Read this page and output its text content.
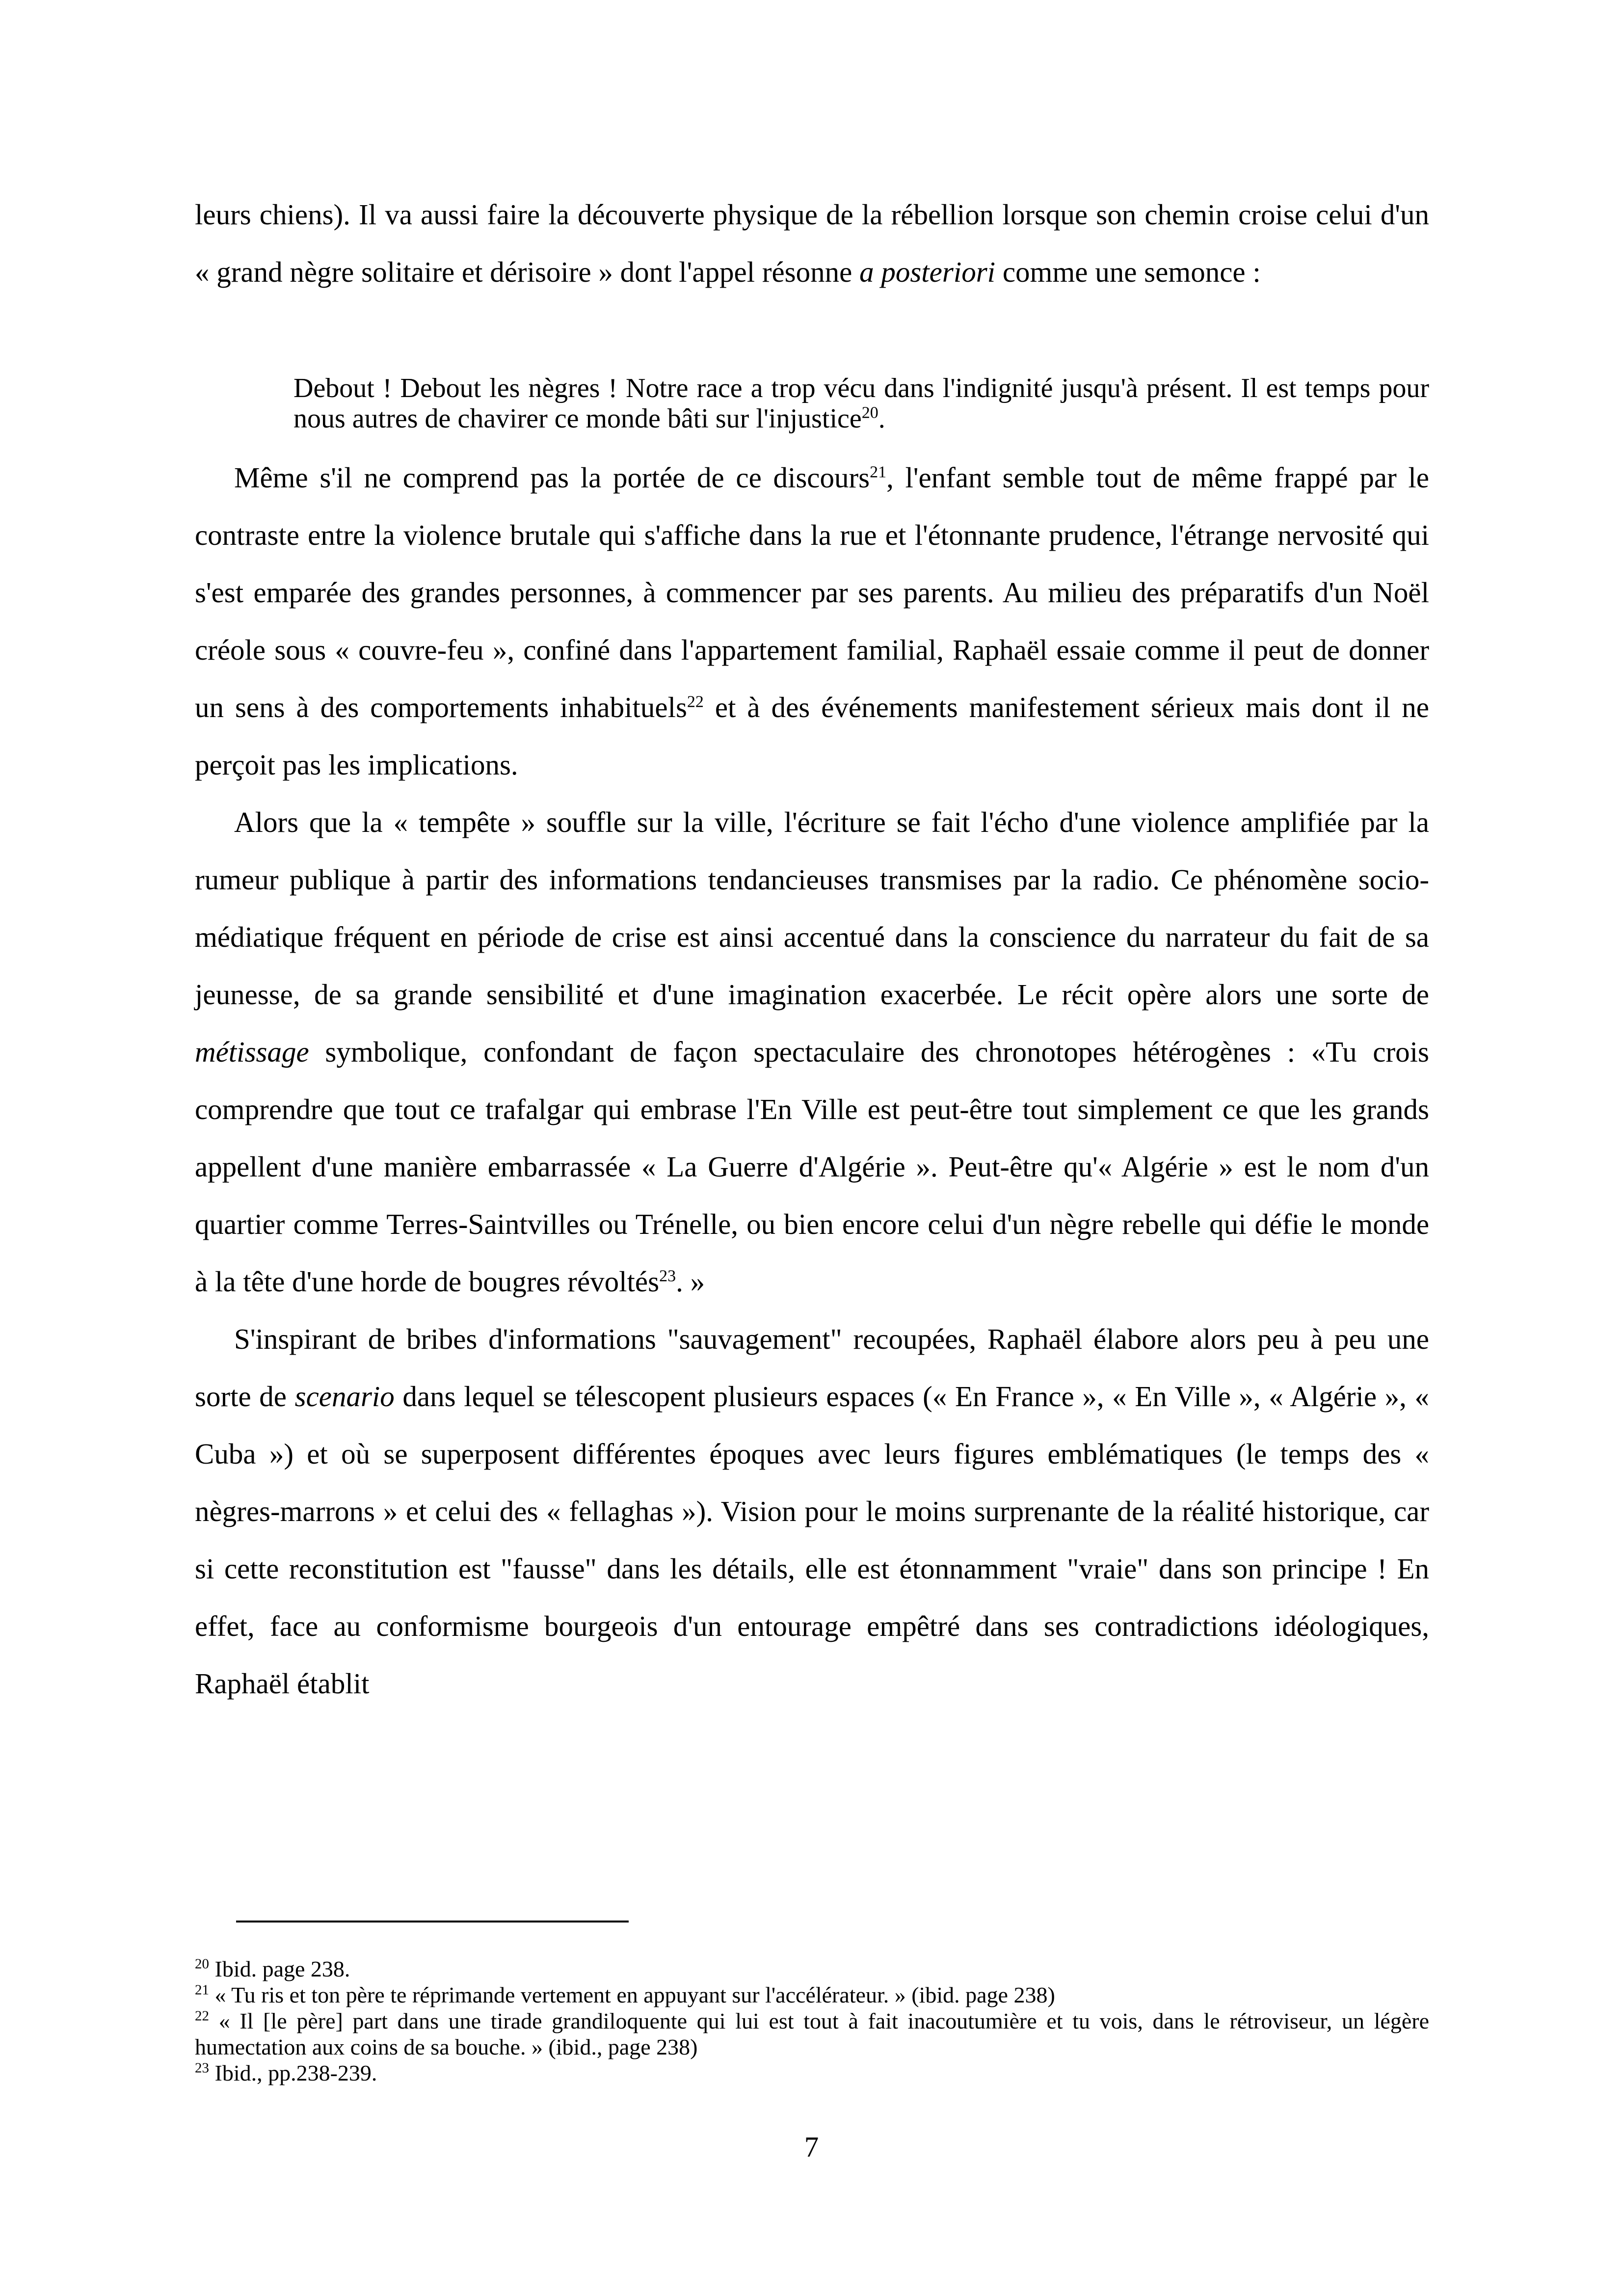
leurs chiens). Il va aussi faire la découverte physique de la rébellion lorsque son chemin croise celui d'un « grand nègre solitaire et dérisoire » dont l'appel résonne a posteriori comme une semonce :

Debout ! Debout les nègres ! Notre race a trop vécu dans l'indignité jusqu'à présent. Il est temps pour nous autres de chavirer ce monde bâti sur l'injustice$^{20}$.

Même s'il ne comprend pas la portée de ce discours$^{21}$, l'enfant semble tout de même frappé par le contraste entre la violence brutale qui s'affiche dans la rue et l'étonnante prudence, l'étrange nervosité qui s'est emparée des grandes personnes, à commencer par ses parents. Au milieu des préparatifs d'un Noël créole sous « couvre-feu », confiné dans l'appartement familial, Raphaël essaie comme il peut de donner un sens à des comportements inhabituels$^{22}$ et à des événements manifestement sérieux mais dont il ne perçoit pas les implications.

Alors que la « tempête » souffle sur la ville, l'écriture se fait l'écho d'une violence amplifiée par la rumeur publique à partir des informations tendancieuses transmises par la radio. Ce phénomène socio-médiatique fréquent en période de crise est ainsi accentué dans la conscience du narrateur du fait de sa jeunesse, de sa grande sensibilité et d'une imagination exacerbée. Le récit opère alors une sorte de métissage symbolique, confondant de façon spectaculaire des chronotopes hétérogènes : «Tu crois comprendre que tout ce trafalgar qui embrase l'En Ville est peut-être tout simplement ce que les grands appellent d'une manière embarrassée « La Guerre d'Algérie ». Peut-être qu'« Algérie » est le nom d'un quartier comme Terres-Saintvilles ou Trénelle, ou bien encore celui d'un nègre rebelle qui défie le monde à la tête d'une horde de bougres révoltés$^{23}$. »

S'inspirant de bribes d'informations "sauvagement" recoupées, Raphaël élabore alors peu à peu une sorte de scenario dans lequel se télescopent plusieurs espaces (« En France », « En Ville », « Algérie », « Cuba ») et où se superposent différentes époques avec leurs figures emblématiques (le temps des « nègres-marrons » et celui des « fellaghas »). Vision pour le moins surprenante de la réalité historique, car si cette reconstitution est "fausse" dans les détails, elle est étonnamment "vraie" dans son principe ! En effet, face au conformisme bourgeois d'un entourage empêtré dans ses contradictions idéologiques, Raphaël établit

$^{20}$ Ibid. page 238.

$^{21}$ « Tu ris et ton père te réprimande vertement en appuyant sur l'accélérateur. » (ibid. page 238)

$^{22}$ « Il [le père] part dans une tirade grandiloquente qui lui est tout à fait inacoutumière et tu vois, dans le rétroviseur, un légère humectation aux coins de sa bouche. » (ibid., page 238)

$^{23}$ Ibid., pp.238-239.

7
